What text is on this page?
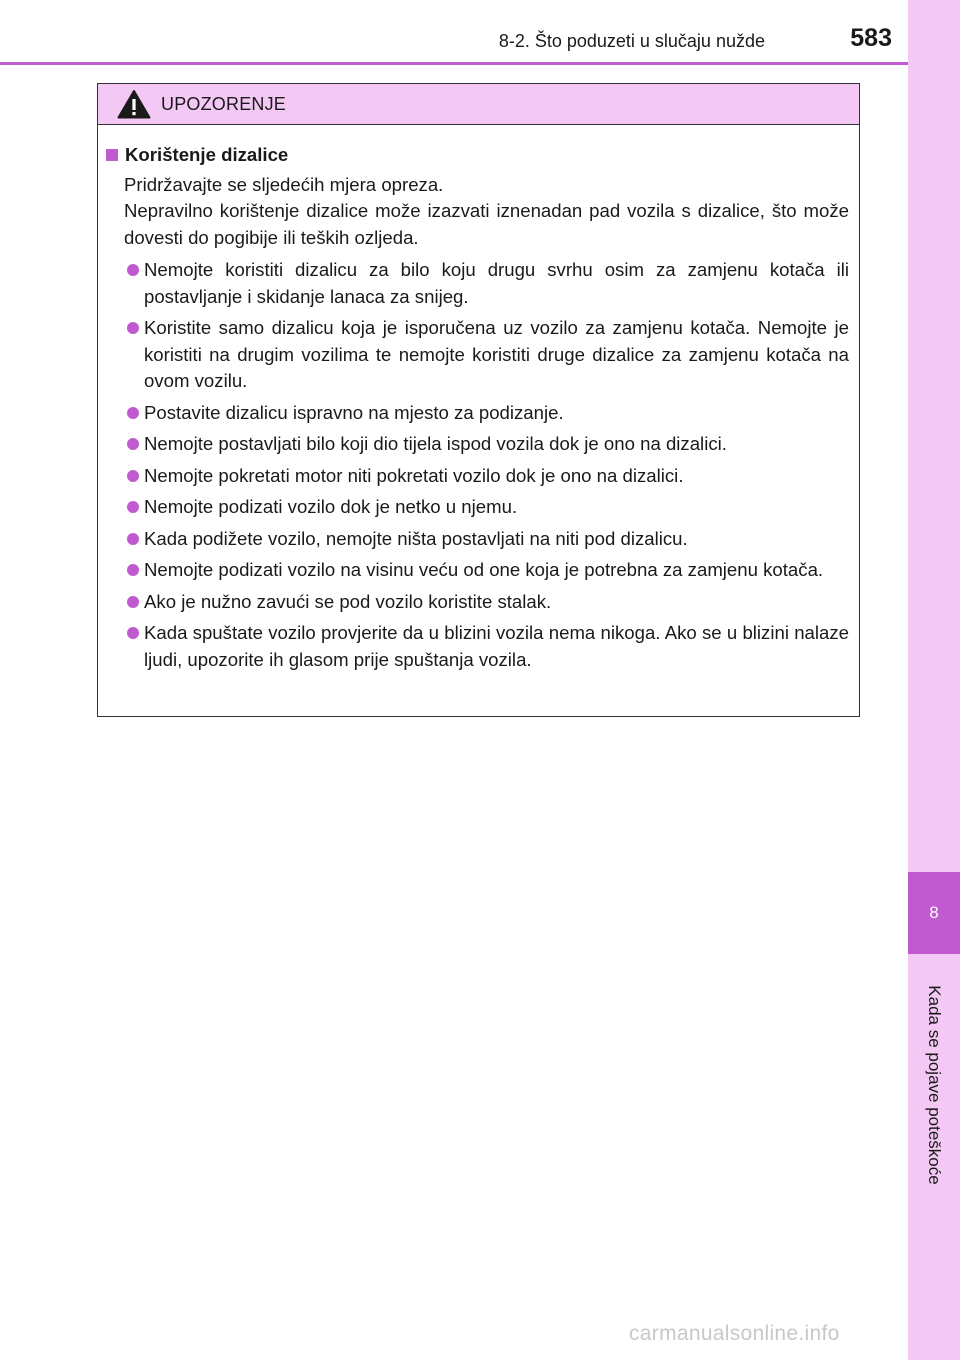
8
Kada se pojave poteškoće
8-2. Što poduzeti u slučaju nužde	583
UPOZORENJE
Korištenje dizalice

Pridržavajte se sljedećih mjera opreza.

Nepravilno korištenje dizalice može izazvati iznenadan pad vozila s dizalice, što može dovesti do pogibije ili teških ozljeda.

Nemojte koristiti dizalicu za bilo koju drugu svrhu osim za zamjenu kotača ili postavljanje i skidanje lanaca za snijeg.
Koristite samo dizalicu koja je isporučena uz vozilo za zamjenu kotača. Nemojte je koristiti na drugim vozilima te nemojte koristiti druge dizalice za zamjenu kotača na ovom vozilu.
Postavite dizalicu ispravno na mjesto za podizanje.
Nemojte postavljati bilo koji dio tijela ispod vozila dok je ono na dizalici.
Nemojte pokretati motor niti pokretati vozilo dok je ono na dizalici.
Nemojte podizati vozilo dok je netko u njemu.
Kada podižete vozilo, nemojte ništa postavljati na niti pod dizalicu.
Nemojte podizati vozilo na visinu veću od one koja je potrebna za zamjenu kotača.
Ako je nužno zavući se pod vozilo koristite stalak.
Kada spuštate vozilo provjerite da u blizini vozila nema nikoga. Ako se u blizini nalaze ljudi, upozorite ih glasom prije spuštanja vozila.
carmanualsonline.info
